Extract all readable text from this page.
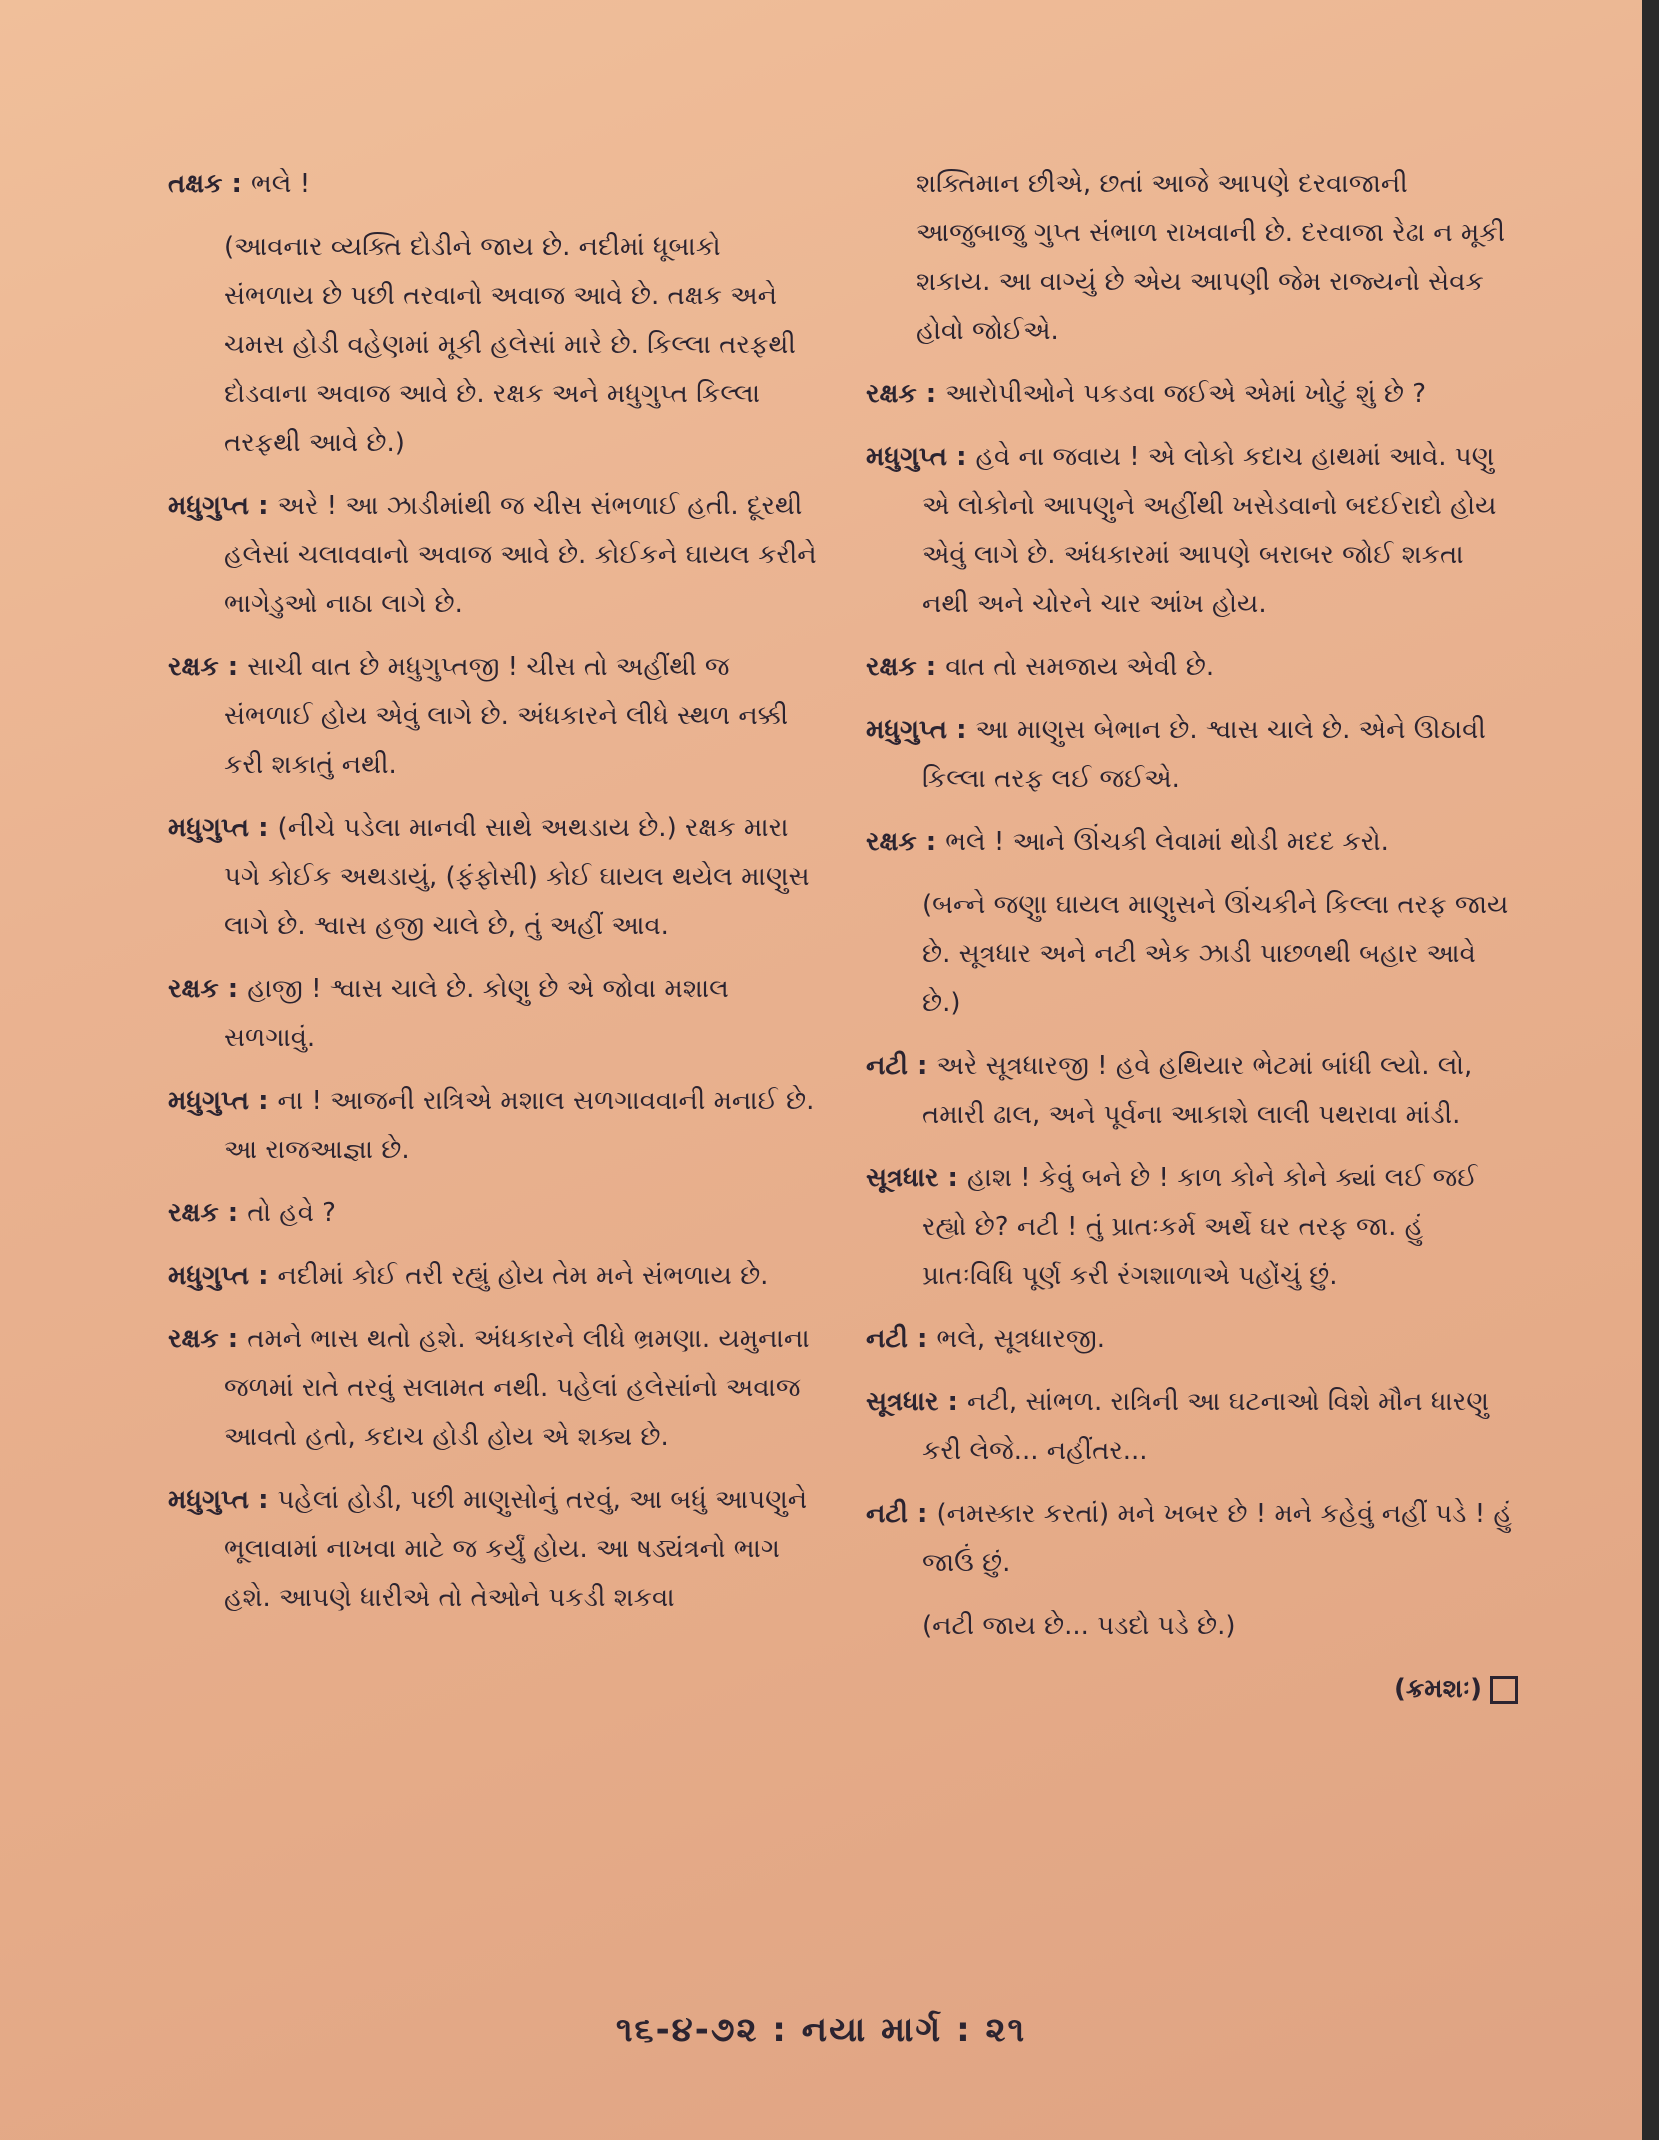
તક્ષક : ભલે !

(આવનાર વ્યક્તિ દોડીને જાય છે. નદીમાં ધૂબાકો સંભળાય છે પછી તરવાનો અવાજ આવે છે. તક્ષક અને ચમસ હોડી વહેણમાં મૂકી હલેસાં મારે છે. કિલ્લા તરફથી દોડવાના અવાજ આવે છે. રક્ષક અને મધુગુપ્ત કિલ્લા તરફથી આવે છે.)

મધુગુપ્ત : અરે ! આ ઝાડીમાંથી જ ચીસ સંભળાઈ હતી. દૂરથી હલેસાં ચલાવવાનો અવાજ આવે છે. કોઈકને ઘાયલ કરીને ભાગેડુઓ નાઠા લાગે છે.

રક્ષક : સાચી વાત છે મધુગુપ્તજી ! ચીસ તો અહીંથી જ સંભળાઈ હોય એવું લાગે છે. અંધકારને લીધે સ્થળ નક્કી કરી શકાતું નથી.

મધુગુપ્ત : (નીચે પડેલા માનવી સાથે અથડાય છે.) રક્ષક મારા પગે કોઈક અથડાયું, (ફંફોસી) કોઈ ઘાયલ થયેલ માણુસ લાગે છે. શ્વાસ હજી ચાલે છે, તું અહીં આવ.

રક્ષક : હાજી ! શ્વાસ ચાલે છે. કોણુ છે એ જોવા મશાલ સળગાવું.

મધુગુપ્ત : ના ! આજની રાત્રિએ મશાલ સળગાવવાની મનાઈ છે. આ રાજઆજ્ઞા છે.

રક્ષક : તો હવે ?

મધુગુપ્ત : નદીમાં કોઈ તરી રહ્યું હોય તેમ મને સંભળાય છે.

રક્ષક : તમને ભાસ થતો હશે. અંધકારને લીધે ભ્રમણા. યમુનાના જળમાં રાતે તરવું સલામત નથી. પહેલાં હલેસાંનો અવાજ આવતો હતો, કદાચ હોડી હોય એ શક્ય છે.

મધુગુપ્ત : પહેલાં હોડી, પછી માણુસોનું તરવું, આ બધું આપણુને ભૂલાવામાં નાખવા માટે જ કર્યું હોય. આ ષડ્યંત્રનો ભાગ હશે. આપણે ધારીએ તો તેઓને પકડી શકવા

શક્તિમાન છીએ, છતાં આજે આપણે દરવાજાની આજુબાજુ ગુપ્ત સંભાળ રાખવાની છે. દરવાજા રેઢા ન મૂકી શકાય. આ વાગ્યું છે એય આપણી જેમ રાજ્યનો સેવક હોવો જોઈએ.

રક્ષક : આરોપીઓને પકડવા જઈએ એમાં ખોટું શું છે ?

મધુગુપ્ત : હવે ના જવાય ! એ લોકો કદાચ હાથમાં આવે. પણુ એ લોકોનો આપણુને અહીંથી ખસેડવાનો બદઈરાદો હોય એવું લાગે છે. અંધકારમાં આપણે બરાબર જોઈ શકતા નથી અને ચોરને ચાર આંખ હોય.

રક્ષક : વાત તો સમજાય એવી છે.

મધુગુપ્ત : આ માણુસ બેભાન છે. શ્વાસ ચાલે છે. એને ઊઠાવી કિલ્લા તરફ લઈ જઈએ.

રક્ષક : ભલે ! આને ઊંચકી લેવામાં થોડી મદદ કરો.

(બન્ને જણુા ઘાયલ માણુસને ઊંચકીને કિલ્લા તરફ જાય છે. સૂત્રધાર અને નટી એક ઝાડી પાછળથી બહાર આવે છે.)

નટી : અરે સૂત્રધારજી ! હવે હથિયાર ભેટમાં બાંધી લ્યો. લો, તમારી ઢાલ, અને પૂર્વના આકાશે લાલી પથરાવા માંડી.

સૂત્રધાર : હાશ ! કેવું બને છે ! કાળ કોને કોને ક્યાં લઈ જઈ રહ્યો છે? નટી ! તું પ્રાતઃકર્મ અર્થે ઘર તરફ જા. હું પ્રાતઃવિધિ પૂર્ણ કરી રંગશાળાએ પહોંચું છું.

નટી : ભલે, સૂત્રધારજી.

સૂત્રધાર : નટી, સાંભળ. રાત્રિની આ ઘટનાઓ વિશે મૌન ધારણુ કરી લેજે... નહીંતર...

નટી : (નમસ્કાર કરતાં) મને ખબર છે ! મને કહેવું નહીં પડે ! હું જાઉં છું.

(નટી જાય છે... પડદો પડે છે.)

(ક્રમશઃ)
૧૬-૪-૭૨ : નયા માર્ગ : ૨૧
